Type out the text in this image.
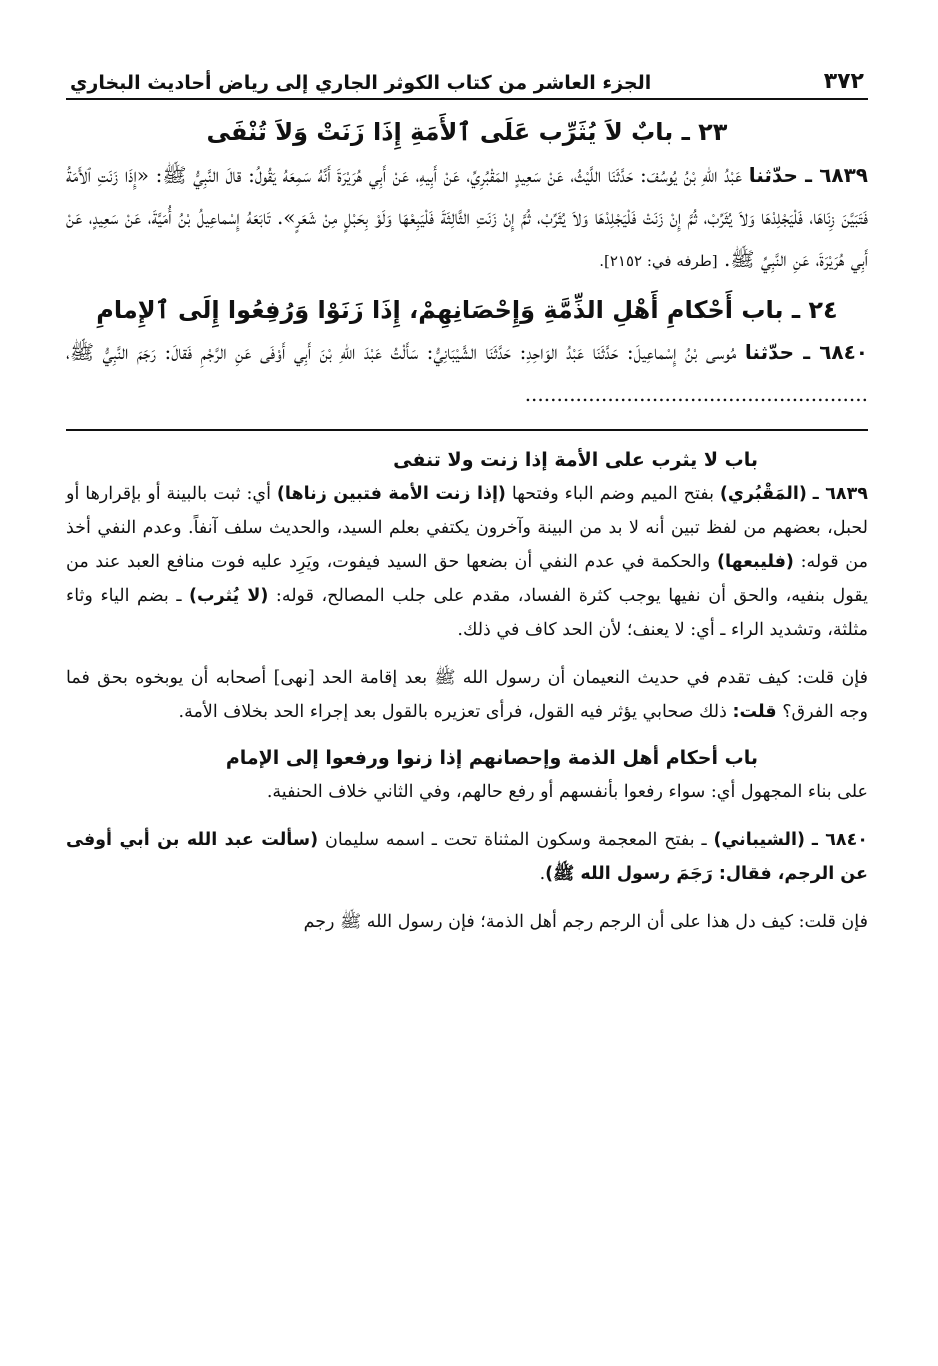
٣٧٢
الجزء العاشر من كتاب الكوثر الجاري إلى رياض أحاديث البخاري
٢٣ ـ بابٌ لاَ يُثَرِّب عَلَى ٱلأَمَةِ إِذَا زَنَتْ وَلاَ تُنْفَى

٦٨٣٩ ـ حدّثنا عَبْدُ اللّهِ بْنُ يُوسُفَ: حَدَّثَنَا اللَّيْثُ، عَنْ سَعِيدٍ المَقْبُرِيِّ، عَنْ أَبِيهِ، عَنْ أَبِي هُرَيْرَةَ أَنَّهُ سَمِعَهُ يَقُولُ: قالَ النَّبِيُّ ﷺ: «إِذَا زَنَتِ ٱلأَمَةُ فَتَبَيَّنَ زِنَاهَا، فَلْيَجْلِدْهَا وَلاَ يُثَرِّبْ، ثُمَّ إِنْ زَنَتْ فَلْيَجْلِدْهَا وَلاَ يُثَرِّبْ، ثُمَّ إِنْ زَنَتِ الثَّالِثَةَ فَلْيَبِعْهَا وَلَوْ بِحَبْلٍ مِنْ شَعَرٍ». تَابَعَهُ إِسْماعِيلُ بْنُ أُمَيَّةَ، عَنْ سَعِيدٍ، عَنْ أَبِي هُرَيْرَةَ، عَنِ النَّبِيِّ ﷺ. [طرفه في: ٢١٥٢].

٢٤ ـ باب أَحْكامِ أَهْلِ الذِّمَّةِ وَإِحْصَانِهِمْ، إِذَا زَنَوْا وَرُفِعُوا إِلَى ٱلإِمامِ

٦٨٤٠ ـ حدّثنا مُوسى بْنُ إِسْماعِيلَ: حَدَّثَنَا عَبْدُ الوَاحِدِ: حَدَّثَنَا الشَّيْبَانِيُّ: سَأَلْتُ عَبْدَ اللّهِ بْنَ أَبِي أَوْفَى عَنِ الرَّجْمِ فَقالَ: رَجَمَ النَّبِيُّ ﷺ، ......................................................

باب لا يثرب على الأمة إذا زنت ولا تنفى

٦٨٣٩ ـ (المَقْبُري) بفتح الميم وضم الباء وفتحها (إذا زنت الأمة فتبين زناها) أي: ثبت بالبينة أو بإقرارها أو لحبل، بعضهم من لفظ تبين أنه لا بد من البينة وآخرون يكتفي بعلم السيد، والحديث سلف آنفاً. وعدم النفي أخذ من قوله: (فليبعها) والحكمة في عدم النفي أن بضعها حق السيد فيفوت، ويَرِد عليه فوت منافع العبد عند من يقول بنفيه، والحق أن نفيها يوجب كثرة الفساد، مقدم على جلب المصالح، قوله: (لا يُثرب) ـ بضم الياء وثاء مثلثة، وتشديد الراء ـ أي: لا يعنف؛ لأن الحد كاف في ذلك.

فإن قلت: كيف تقدم في حديث النعيمان أن رسول الله ﷺ بعد إقامة الحد [نهى] أصحابه أن يوبخوه بحق فما وجه الفرق؟ قلت: ذلك صحابي يؤثر فيه القول، فرأى تعزيره بالقول بعد إجراء الحد بخلاف الأمة.

باب أحكام أهل الذمة وإحصانهم إذا زنوا ورفعوا إلى الإمام

على بناء المجهول أي: سواء رفعوا بأنفسهم أو رفع حالهم، وفي الثاني خلاف الحنفية.

٦٨٤٠ ـ (الشيباني) ـ بفتح المعجمة وسكون المثناة تحت ـ اسمه سليمان (سألت عبد الله بن أبي أوفى عن الرجم، فقال: رَجَمَ رسول الله ﷺ).

فإن قلت: كيف دل هذا على أن الرجم رجم أهل الذمة؛ فإن رسول الله ﷺ رجم
